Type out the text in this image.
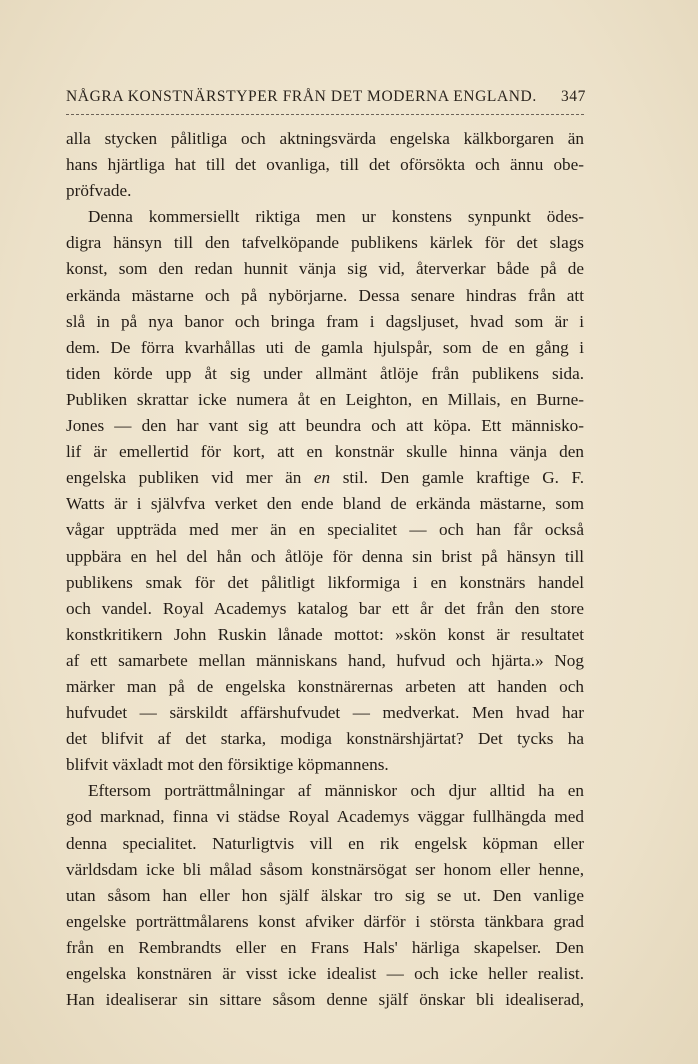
NÅGRA KONSTNÄRSTYPER FRÅN DET MODERNA ENGLAND. 347
alla stycken pålitliga och aktningsvärda engelska kälkborgaren än
hans hjärtliga hat till det ovanliga, till det oförsökta och ännu obe-
pröfvade.
Denna kommersiellt riktiga men ur konstens synpunkt ödes-
digra hänsyn till den tafvelköpande publikens kärlek för det slags
konst, som den redan hunnit vänja sig vid, återverkar både på de
erkända mästarne och på nybörjarne. Dessa senare hindras från att
slå in på nya banor och bringa fram i dagsljuset, hvad som är i
dem. De förra kvarhållas uti de gamla hjulspår, som de en gång i
tiden körde upp åt sig under allmänt åtlöje från publikens sida.
Publiken skrattar icke numera åt en Leighton, en Millais, en Burne-
Jones — den har vant sig att beundra och att köpa. Ett människo-
lif är emellertid för kort, att en konstnär skulle hinna vänja den
engelska publiken vid mer än en stil. Den gamle kraftige G. F.
Watts är i självfva verket den ende bland de erkända mästarne, som
vågar uppträda med mer än en specialitet — och han får också
uppbära en hel del hån och åtlöje för denna sin brist på hänsyn till
publikens smak för det pålitligt likformiga i en konstnärs handel
och vandel. Royal Academys katalog bar ett år det från den store
konstkritikern John Ruskin lånade mottot: »skön konst är resultatet
af ett samarbete mellan människans hand, hufvud och hjärta.» Nog
märker man på de engelska konstnärernas arbeten att handen och
hufvudet — särskildt affärshufvudet — medverkat. Men hvad har
det blifvit af det starka, modiga konstnärshjärtat? Det tycks ha
blifvit växladt mot den försiktige köpmannens.
Eftersom porträttmålningar af människor och djur alltid ha en
god marknad, finna vi städse Royal Academys väggar fullhängda med
denna specialitet. Naturligtvis vill en rik engelsk köpman eller
världsdam icke bli målad såsom konstnärsögat ser honom eller henne,
utan såsom han eller hon själf älskar tro sig se ut. Den vanlige
engelske porträttmålarens konst afviker därför i största tänkbara grad
från en Rembrandts eller en Frans Hals' härliga skapelser. Den
engelska konstnären är visst icke idealist — och icke heller realist.
Han idealiserar sin sittare såsom denne själf önskar bli idealiserad,
